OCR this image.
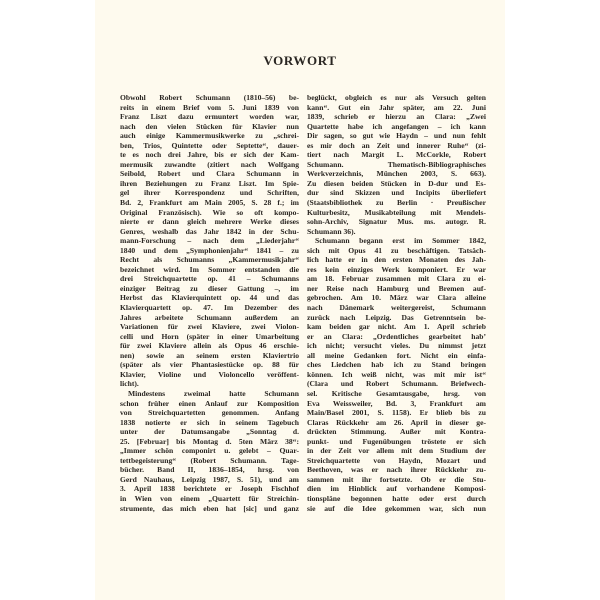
VORWORT
Obwohl Robert Schumann (1810–56) be-
reits in einem Brief vom 5. Juni 1839 von
Franz Liszt dazu ermuntert worden war,
nach den vielen Stücken für Klavier nun
auch einige Kammermusikwerke zu „schrei-
ben, Trios, Quintette oder Septette“, dauer-
te es noch drei Jahre, bis er sich der Kam-
mermusik zuwandte (zitiert nach Wolfgang
Seibold, Robert und Clara Schumann in
ihren Beziehungen zu Franz Liszt. Im Spie-
gel ihrer Korrespondenz und Schriften,
Bd. 2, Frankfurt am Main 2005, S. 28 f.; im
Original Französisch). Wie so oft kompo-
nierte er dann gleich mehrere Werke dieses
Genres, weshalb das Jahr 1842 in der Schu-
mann-Forschung – nach dem „Liederjahr“
1840 und dem „Symphonienjahr“ 1841 – zu
Recht als Schumanns „Kammermusikjahr“
bezeichnet wird. Im Sommer entstanden die
drei Streichquartette op. 41 – Schumanns
einziger Beitrag zu dieser Gattung –, im
Herbst das Klavierquintett op. 44 und das
Klavierquartett op. 47. Im Dezember des
Jahres arbeitete Schumann außerdem an
Variationen für zwei Klaviere, zwei Violon-
celli und Horn (später in einer Umarbeitung
für zwei Klaviere allein als Opus 46 erschie-
nen) sowie an seinem ersten Klaviertrio
(später als vier Phantasiestücke op. 88 für
Klavier, Violine und Violoncello veröffent-
licht).
Mindestens zweimal hatte Schumann
schon früher einen Anlauf zur Komposition
von Streichquartetten genommen. Anfang
1838 notierte er sich in seinem Tagebuch
unter der Datumsangabe „Sonntag d.
25. [Februar] bis Montag d. 5ten März 38“:
„Immer schön componirt u. gelebt – Quar-
tettbegeisterung“ (Robert Schumann. Tage-
bücher. Band II, 1836–1854, hrsg. von
Gerd Nauhaus, Leipzig 1987, S. 51), und am
3. April 1838 berichtete er Joseph Fischhof
in Wien von einem „Quartett für Streichin-
strumente, das mich eben hat [sic] und ganz
beglückt, obgleich es nur als Versuch gelten
kann“. Gut ein Jahr später, am 22. Juni
1839, schrieb er hierzu an Clara: „Zwei
Quartette habe ich angefangen – ich kann
Dir sagen, so gut wie Haydn – und nun fehlt
es mir doch an Zeit und innerer Ruhe“ (zi-
tiert nach Margit L. McCorkle, Robert
Schumann. Thematisch-Bibliographisches
Werkverzeichnis, München 2003, S. 663).
Zu diesen beiden Stücken in D-dur und Es-
dur sind Skizzen und Incipits überliefert
(Staatsbibliothek zu Berlin · Preußischer
Kulturbesitz, Musikabteilung mit Mendels-
sohn-Archiv, Signatur Mus. ms. autogr. R.
Schumann 36).
Schumann begann erst im Sommer 1842,
sich mit Opus 41 zu beschäftigen. Tatsäch-
lich hatte er in den ersten Monaten des Jah-
res kein einziges Werk komponiert. Er war
am 18. Februar zusammen mit Clara zu ei-
ner Reise nach Hamburg und Bremen auf-
gebrochen. Am 10. März war Clara alleine
nach Dänemark weitergereist, Schumann
zurück nach Leipzig. Das Getrenntsein be-
kam beiden gar nicht. Am 1. April schrieb
er an Clara: „Ordentliches gearbeitet hab’
ich nicht; versucht vieles. Du nimmst jetzt
all meine Gedanken fort. Nicht ein einfa-
ches Liedchen hab ich zu Stand bringen
können. Ich weiß nicht, was mit mir ist“
(Clara und Robert Schumann. Briefwech-
sel. Kritische Gesamtausgabe, hrsg. von
Eva Weissweiler, Bd. 3, Frankfurt am
Main/Basel 2001, S. 1158). Er blieb bis zu
Claras Rückkehr am 26. April in dieser ge-
drückten Stimmung. Außer mit Kontra-
punkt- und Fugenübungen tröstete er sich
in der Zeit vor allem mit dem Studium der
Streichquartette von Haydn, Mozart und
Beethoven, was er nach ihrer Rückkehr zu-
sammen mit ihr fortsetzte. Ob er die Stu-
dien im Hinblick auf vorhandene Komposi-
tionspläne begonnen hatte oder erst durch
sie auf die Idee gekommen war, sich nun
